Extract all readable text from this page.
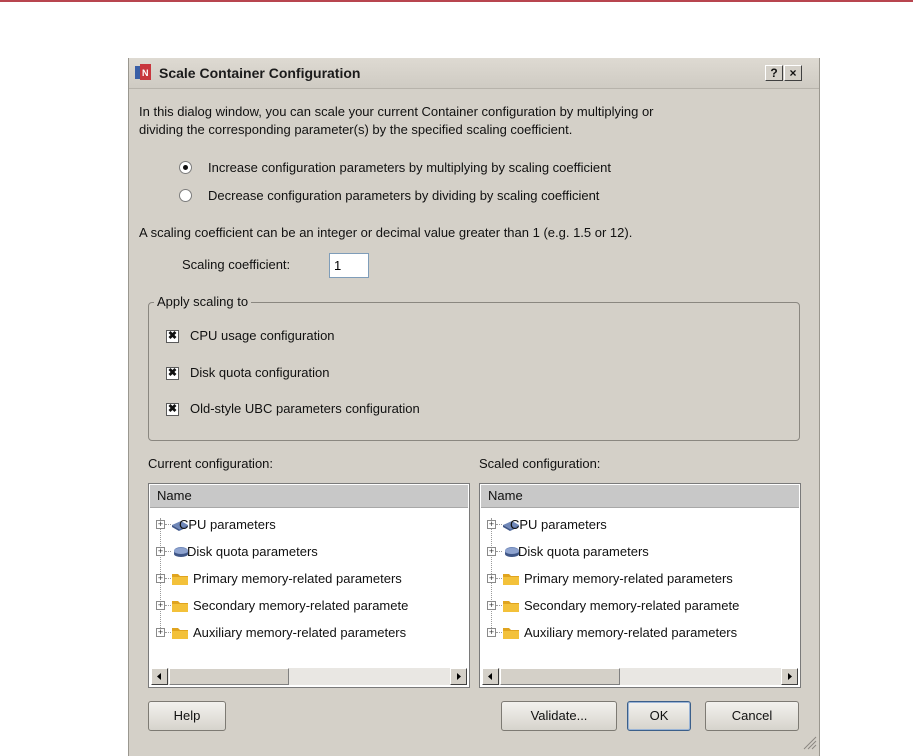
N Scale Container Configuration	? ×
In this dialog window, you can scale your current Container configuration by multiplying or
dividing the corresponding parameter(s) by the specified scaling coefficient.
Increase configuration parameters by multiplying by scaling coefficient
Decrease configuration parameters by dividing by scaling coefficient
A scaling coefficient can be an integer or decimal value greater than 1 (e.g. 1.5 or 12).
Scaling coefficient:
1
Apply scaling to
✖ CPU usage configuration
✖ Disk quota configuration
✖ Old-style UBC parameters configuration
Current configuration:	Scaled configuration:
Name
+ CPU parameters
+ Disk quota parameters
+ Primary memory-related parameters
+ Secondary memory-related paramete
+ Auxiliary memory-related parameters
Name
+ CPU parameters
+ Disk quota parameters
+ Primary memory-related parameters
+ Secondary memory-related paramete
+ Auxiliary memory-related parameters
Help	Validate...	OK	Cancel
